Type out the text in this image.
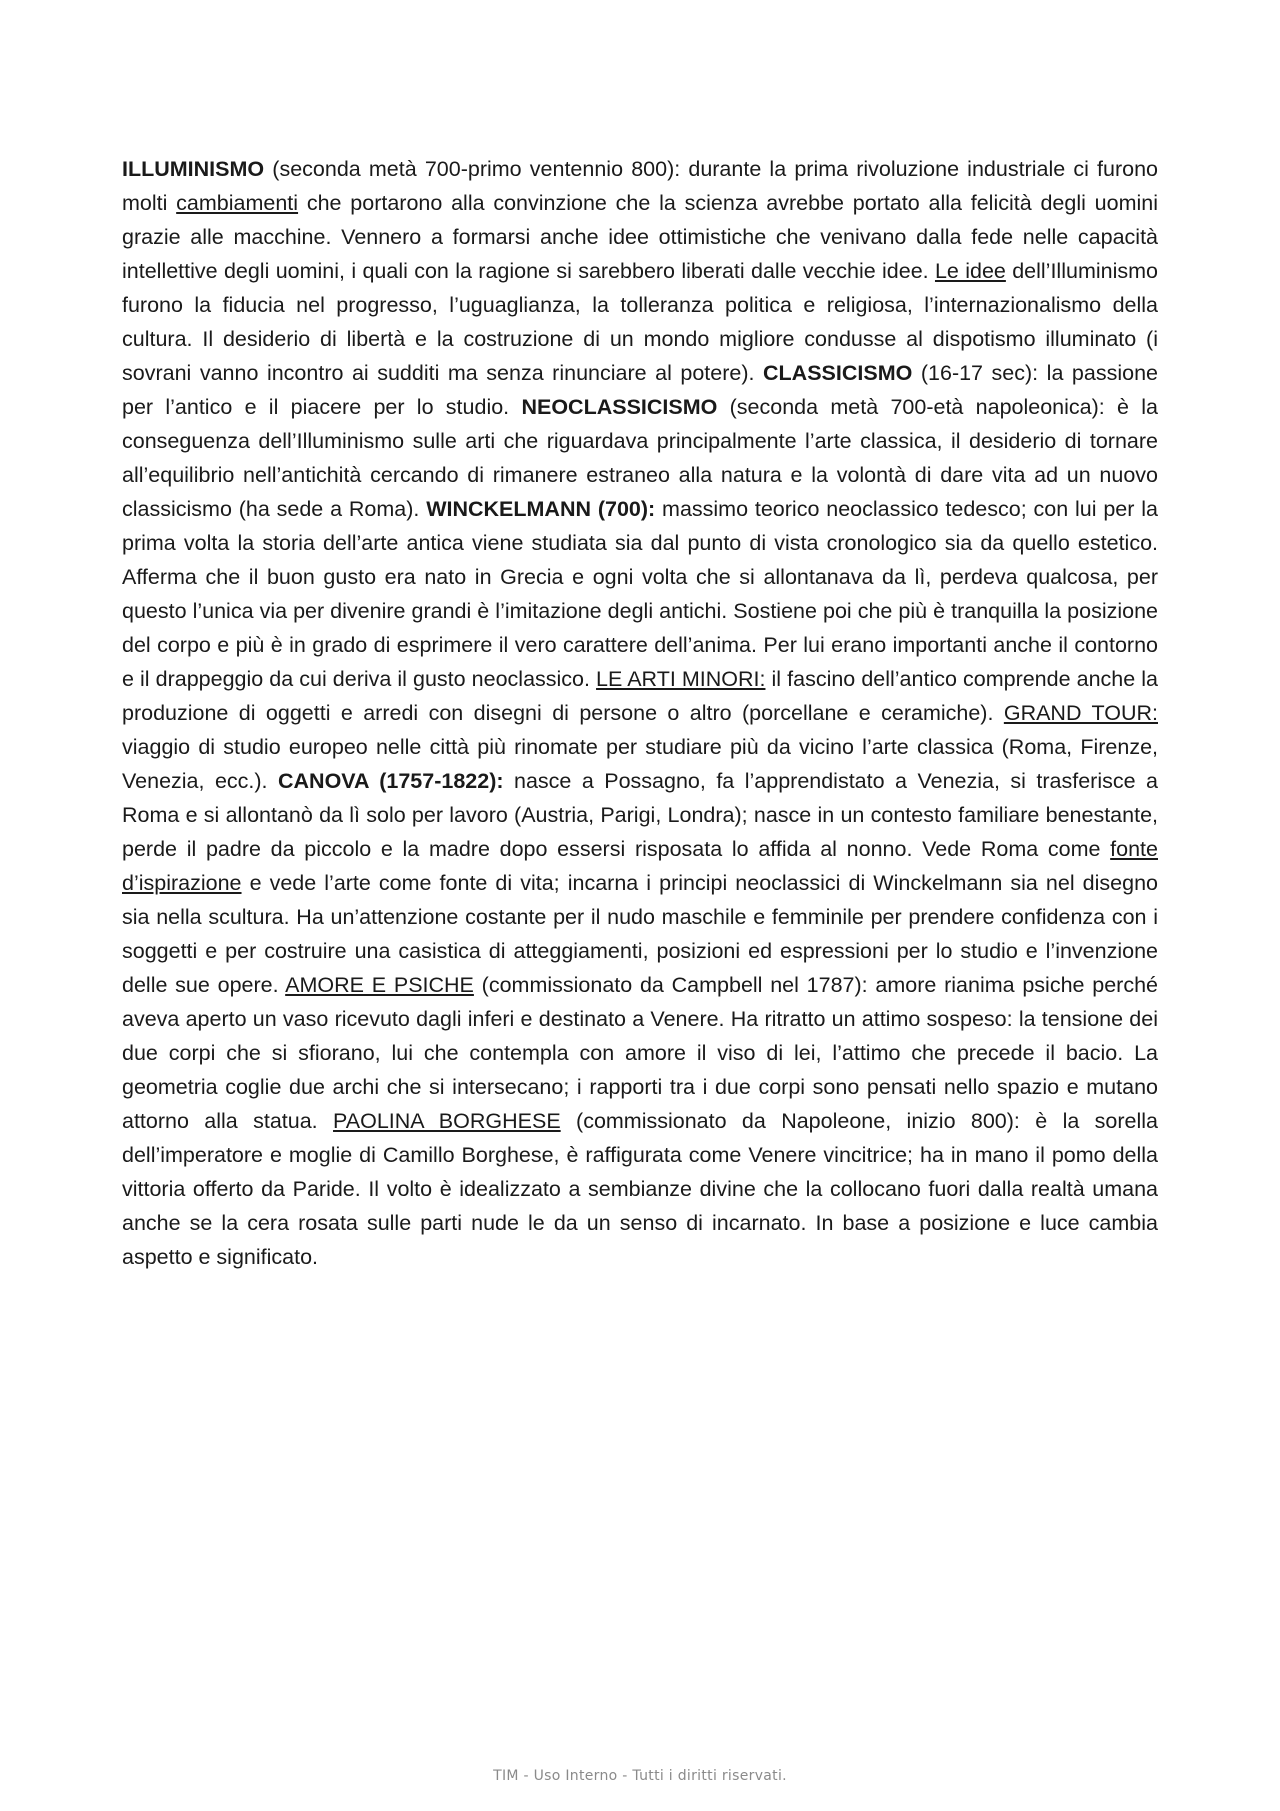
ILLUMINISMO (seconda metà 700-primo ventennio 800): durante la prima rivoluzione industriale ci furono molti cambiamenti che portarono alla convinzione che la scienza avrebbe portato alla felicità degli uomini grazie alle macchine. Vennero a formarsi anche idee ottimistiche che venivano dalla fede nelle capacità intellettive degli uomini, i quali con la ragione si sarebbero liberati dalle vecchie idee. Le idee dell’Illuminismo furono la fiducia nel progresso, l’uguaglianza, la tolleranza politica e religiosa, l’internazionalismo della cultura. Il desiderio di libertà e la costruzione di un mondo migliore condusse al dispotismo illuminato (i sovrani vanno incontro ai sudditi ma senza rinunciare al potere). CLASSICISMO (16-17 sec): la passione per l’antico e il piacere per lo studio. NEOCLASSICISMO (seconda metà 700-età napoleonica): è la conseguenza dell’Illuminismo sulle arti che riguardava principalmente l’arte classica, il desiderio di tornare all’equilibrio nell’antichità cercando di rimanere estraneo alla natura e la volontà di dare vita ad un nuovo classicismo (ha sede a Roma). WINCKELMANN (700): massimo teorico neoclassico tedesco; con lui per la prima volta la storia dell’arte antica viene studiata sia dal punto di vista cronologico sia da quello estetico. Afferma che il buon gusto era nato in Grecia e ogni volta che si allontanava da lì, perdeva qualcosa, per questo l’unica via per divenire grandi è l’imitazione degli antichi. Sostiene poi che più è tranquilla la posizione del corpo e più è in grado di esprimere il vero carattere dell’anima. Per lui erano importanti anche il contorno e il drappeggio da cui deriva il gusto neoclassico. LE ARTI MINORI: il fascino dell’antico comprende anche la produzione di oggetti e arredi con disegni di persone o altro (porcellane e ceramiche). GRAND TOUR: viaggio di studio europeo nelle città più rinomate per studiare più da vicino l’arte classica (Roma, Firenze, Venezia, ecc.). CANOVA (1757-1822): nasce a Possagno, fa l’apprendistato a Venezia, si trasferisce a Roma e si allontanò da lì solo per lavoro (Austria, Parigi, Londra); nasce in un contesto familiare benestante, perde il padre da piccolo e la madre dopo essersi risposata lo affida al nonno. Vede Roma come fonte d’ispirazione e vede l’arte come fonte di vita; incarna i principi neoclassici di Winckelmann sia nel disegno sia nella scultura. Ha un’attenzione costante per il nudo maschile e femminile per prendere confidenza con i soggetti e per costruire una casistica di atteggiamenti, posizioni ed espressioni per lo studio e l’invenzione delle sue opere. AMORE E PSICHE (commissionato da Campbell nel 1787): amore rianima psiche perché aveva aperto un vaso ricevuto dagli inferi e destinato a Venere. Ha ritratto un attimo sospeso: la tensione dei due corpi che si sfiorano, lui che contempla con amore il viso di lei, l’attimo che precede il bacio. La geometria coglie due archi che si intersecano; i rapporti tra i due corpi sono pensati nello spazio e mutano attorno alla statua. PAOLINA BORGHESE (commissionato da Napoleone, inizio 800): è la sorella dell’imperatore e moglie di Camillo Borghese, è raffigurata come Venere vincitrice; ha in mano il pomo della vittoria offerto da Paride. Il volto è idealizzato a sembianze divine che la collocano fuori dalla realtà umana anche se la cera rosata sulle parti nude le da un senso di incarnato. In base a posizione e luce cambia aspetto e significato.

TIM - Uso Interno - Tutti i diritti riservati.
